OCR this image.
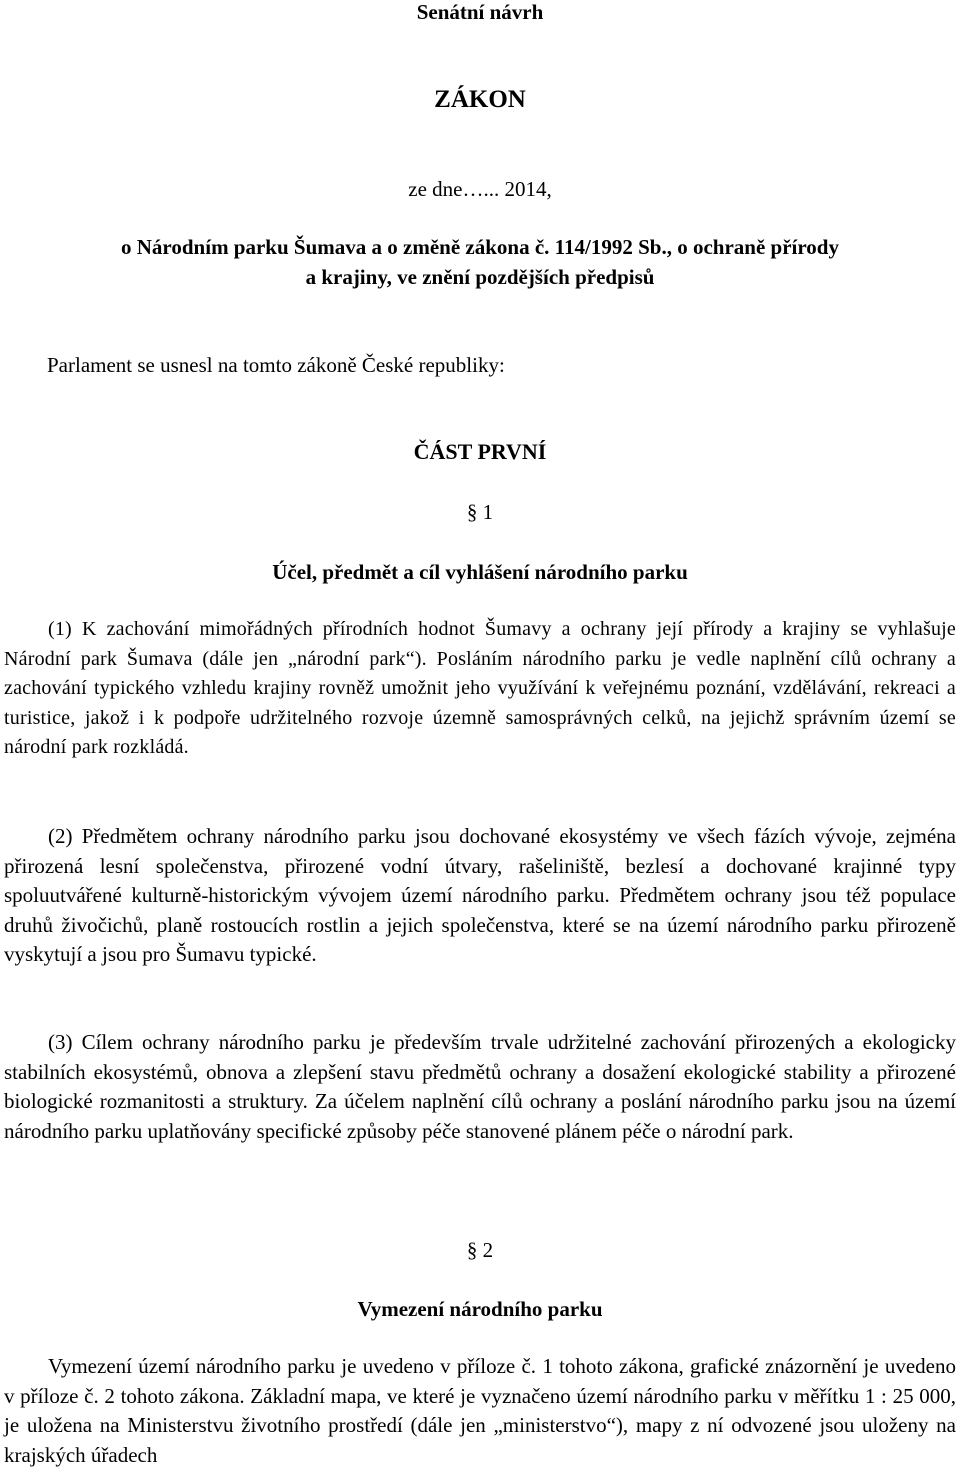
Senátní návrh
ZÁKON
ze dne…... 2014,
o Národním parku Šumava a o změně zákona č. 114/1992 Sb., o ochraně přírody
a krajiny, ve znění pozdějších předpisů
Parlament se usnesl na tomto zákoně České republiky:
ČÁST PRVNÍ
§ 1
Účel, předmět a cíl vyhlášení národního parku
(1) K zachování mimořádných přírodních hodnot Šumavy a ochrany její přírody a krajiny se vyhlašuje Národní park Šumava (dále jen „národní park“). Posláním národního parku je vedle naplnění cílů ochrany a zachování typického vzhledu krajiny rovněž umožnit jeho využívání k veřejnému poznání, vzdělávání, rekreaci a turistice, jakož i k podpoře udržitelného rozvoje územně samosprávných celků, na jejichž správním území se národní park rozkládá.
(2) Předmětem ochrany národního parku jsou dochované ekosystémy ve všech fázích vývoje, zejména přirozená lesní společenstva, přirozené vodní útvary, rašeliniště, bezlesí a dochované krajinné typy spoluutvářené kulturně-historickým vývojem území národního parku. Předmětem ochrany jsou též populace druhů živočichů, planě rostoucích rostlin a jejich společenstva, které se na území národního parku přirozeně vyskytují a jsou pro Šumavu typické.
(3) Cílem ochrany národního parku je především trvale udržitelné zachování přirozených a ekologicky stabilních ekosystémů, obnova a zlepšení stavu předmětů ochrany a dosažení ekologické stability a přirozené biologické rozmanitosti a struktury. Za účelem naplnění cílů ochrany a poslání národního parku jsou na území národního parku uplatňovány specifické způsoby péče stanovené plánem péče o národní park.
§ 2
Vymezení národního parku
Vymezení území národního parku je uvedeno v příloze č. 1 tohoto zákona, grafické znázornění je uvedeno v příloze č. 2 tohoto zákona. Základní mapa, ve které je vyznačeno území národního parku v měřítku 1 : 25 000, je uložena na Ministerstvu životního prostředí (dále jen „ministerstvo“), mapy z ní odvozené jsou uloženy na krajských úřadech
